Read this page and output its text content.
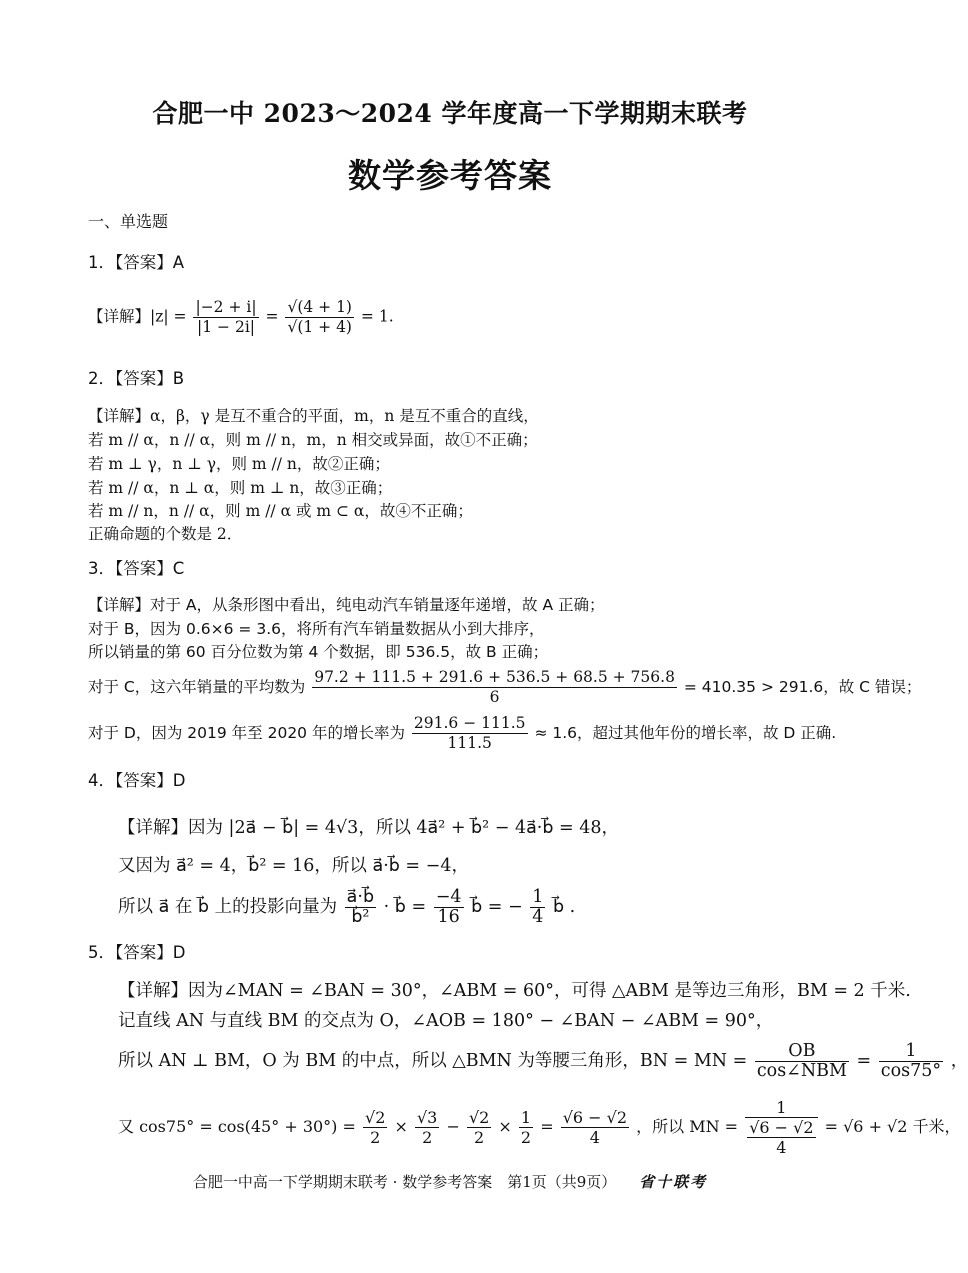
合肥一中 2023～2024 学年度高一下学期期末联考
数学参考答案
一、单选题
1．【答案】A
【详解】$|z| = \frac{|-2 + i|}{|1 - 2i|} = \frac{√(4 + 1)}{√(1 + 4)} = 1$.
2．【答案】B
【详解】α，β，γ 是互不重合的平面，m，n 是互不重合的直线，
若 m // α，n // α，则 m // n，m，n 相交或异面，故①不正确；
若 m ⊥ γ，n ⊥ γ，则 m // n，故②正确；
若 m // α，n ⊥ α，则 m ⊥ n，故③正确；
若 m // n，n // α，则 m // α 或 m ⊂ α，故④不正确；
正确命题的个数是 2．
3．【答案】C
【详解】对于 A，从条形图中看出，纯电动汽车销量逐年递增，故 A 正确；
对于 B，因为 0.6×6 = 3.6，将所有汽车销量数据从小到大排序，
所以销量的第 60 百分位数为第 4 个数据，即 536.5，故 B 正确；
对于 C，这六年销量的平均数为 $\frac{97.2 + 111.5 + 291.6 + 536.5 + 68.5 + 756.8}{6} = 410.35 > 291.6$，故 C 错误；
对于 D，因为 2019 年至 2020 年的增长率为 $\frac{291.6 - 111.5}{111.5} \approx 1.6$，超过其他年份的增长率，故 D 正确.
4．【答案】D
【详解】因为 |2a⃗ − b⃗| = 4√3，所以 4a⃗² + b⃗² − 4a⃗·b⃗ = 48，
又因为 a⃗² = 4，b⃗² = 16，所以 a⃗·b⃗ = −4，
所以 a⃗ 在 b⃗ 上的投影向量为 $\frac{a⃗\cdot b⃗}{\text{b⃗²}}$ · b⃗ = $\frac{-4}{16}$ b⃗ = − $\frac{1}{4}$ b⃗ .
5．【答案】D
【详解】因为∠MAN = ∠BAN = 30°，∠ABM = 60°，可得 △ABM 是等边三角形，BM = 2 千米.
记直线 AN 与直线 BM 的交点为 O，∠AOB = 180° − ∠BAN − ∠ABM = 90°，
所以 AN ⊥ BM，O 为 BM 的中点，所以 △BMN 为等腰三角形，BN = MN = $\frac{OB}{\text{cos∠NBM}} = \frac{1}{\cos 75^\circ}$ ，
又 $\cos 75^\circ = \cos(45^\circ + 30^\circ) = \frac{√2}{2} \times \frac{√3}{2} - \frac{√2}{2} \times \frac{1}{2} = \frac{√6 - √2}{4}$ ，所以 MN = $\frac{1}{\frac{√6 - √2}{4}} = √6 + √2$ 千米，
合肥一中高一下学期期末联考 · 数学参考答案　第1页（共9页） 省十联考
